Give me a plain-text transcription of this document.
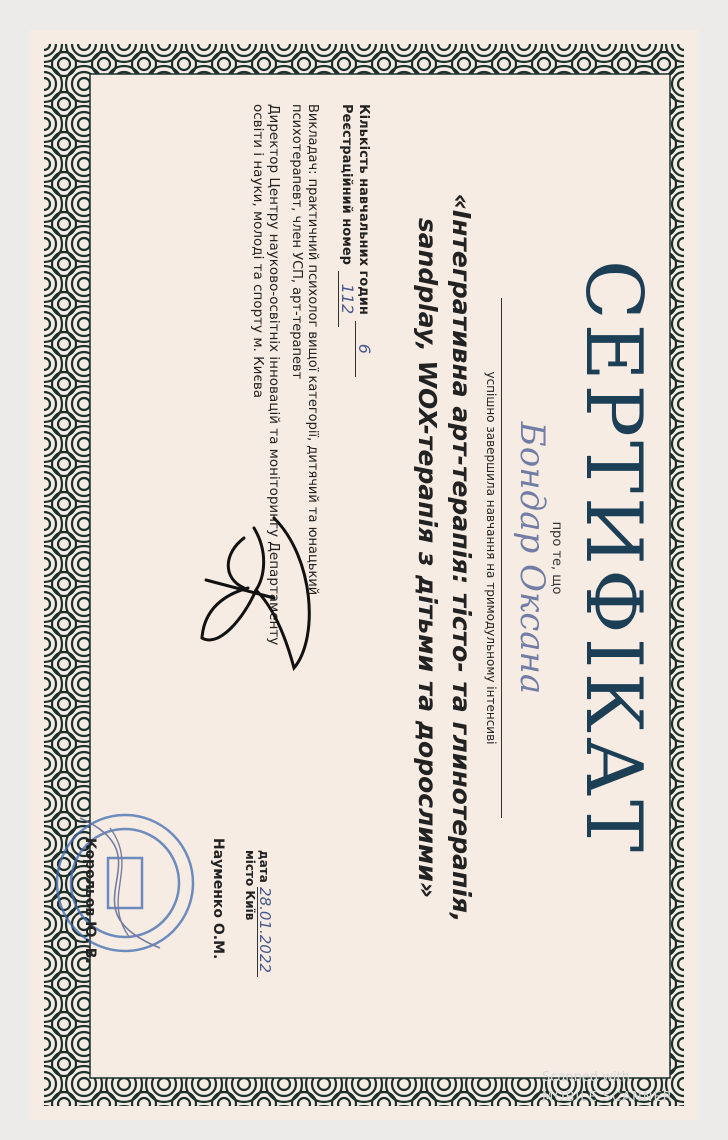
СЕРТИФІКАТ
про те, що
Бондар Оксана
успішно завершила навчання на тримодульному інтенсиві
«Інтегративна арт-терапія: тісто- та глинотерапія, sandplay, WOX-терапія з дітьми та дорослими»
Кількість навчальних годин
6
Реєстраційний номер
112
Викладач: практичний психолог вищої категорії, дитячий та юнацький психотерапевт, член УСП, арт-терапевт
Директор Центру науково-освітніх інновацій та моніторингу Департаменту освіти і науки, молоді та спорту м. Києва
дата 28.01.2022
місто Київ
Науменко О.М.
Корольов Ю. В.
Scanned with
MOBILE SCANNER
